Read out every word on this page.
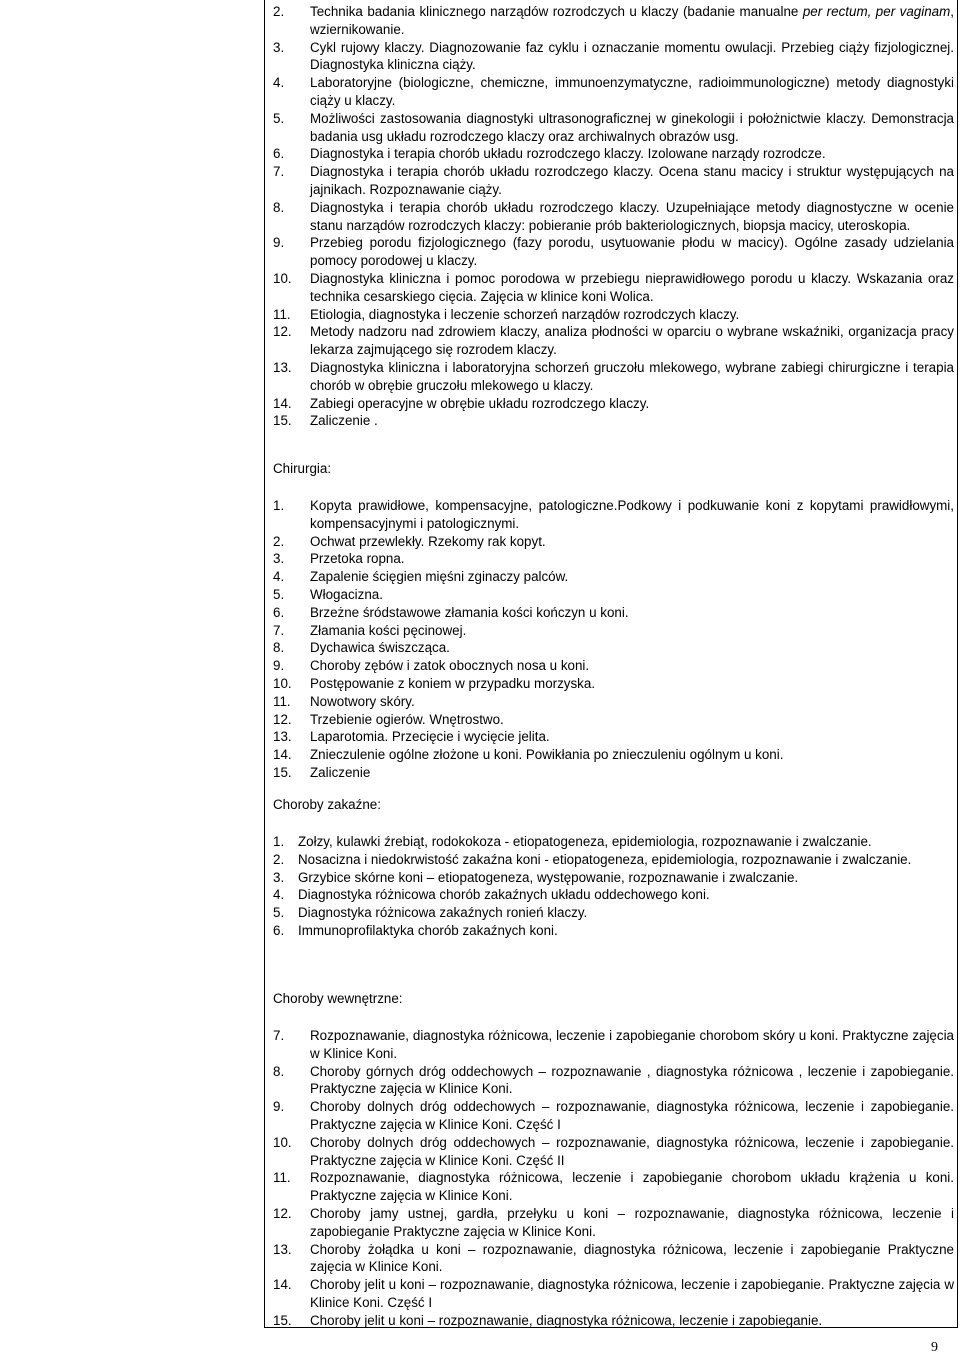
2. Technika badania klinicznego narządów rozrodczych u klaczy (badanie manualne per rectum, per vaginam, wziernikowanie.
3. Cykl rujowy klaczy. Diagnozowanie faz cyklu i oznaczanie momentu owulacji. Przebieg ciąży fizjologicznej. Diagnostyka kliniczna ciąży.
4. Laboratoryjne (biologiczne, chemiczne, immunoenzymatyczne, radioimmunologiczne) metody diagnostyki ciąży u klaczy.
5. Możliwości zastosowania diagnostyki ultrasonograficznej w ginekologii i położnictwie klaczy. Demonstracja badania usg układu rozrodczego klaczy oraz archiwalnych obrazów usg.
6. Diagnostyka i terapia chorób układu rozrodczego klaczy. Izolowane narządy rozrodcze.
7. Diagnostyka i terapia chorób układu rozrodczego klaczy. Ocena stanu macicy i struktur występujących na jajnikach. Rozpoznawanie ciąży.
8. Diagnostyka i terapia chorób układu rozrodczego klaczy. Uzupełniające metody diagnostyczne w ocenie stanu narządów rozrodczych klaczy: pobieranie prób bakteriologicznych, biopsja macicy, uteroskopia.
9. Przebieg porodu fizjologicznego (fazy porodu, usytuowanie płodu w macicy). Ogólne zasady udzielania pomocy porodowej u klaczy.
10. Diagnostyka kliniczna i pomoc porodowa w przebiegu nieprawidłowego porodu u klaczy. Wskazania oraz technika cesarskiego cięcia. Zajęcia w klinice koni Wolica.
11. Etiologia, diagnostyka i leczenie schorzeń narządów rozrodczych klaczy.
12. Metody nadzoru nad zdrowiem klaczy, analiza płodności w oparciu o wybrane wskaźniki, organizacja pracy lekarza zajmującego się rozrodem klaczy.
13. Diagnostyka kliniczna i laboratoryjna schorzeń gruczołu mlekowego, wybrane zabiegi chirurgiczne i terapia chorób w obrębie gruczołu mlekowego u klaczy.
14. Zabiegi operacyjne w obrębie układu rozrodczego klaczy.
15. Zaliczenie .
Chirurgia:
1. Kopyta prawidłowe, kompensacyjne, patologiczne.Podkowy i podkuwanie koni z kopytami prawidłowymi, kompensacyjnymi i patologicznymi.
2. Ochwat przewlekły. Rzekomy rak kopyt.
3. Przetoka ropna.
4. Zapalenie ścięgien mięśni zginaczy palców.
5. Włogacizna.
6. Brzeżne śródstawowe złamania kości kończyn u koni.
7. Złamania kości pęcinowej.
8. Dychawica świszcząca.
9. Choroby zębów i zatok obocznych nosa u koni.
10. Postępowanie z koniem w przypadku morzyska.
11. Nowotwory skóry.
12. Trzebienie ogierów. Wnętrostwo.
13. Laparotomia. Przecięcie i wycięcie jelita.
14. Znieczulenie ogólne złożone u koni. Powikłania po znieczuleniu ogólnym u koni.
15. Zaliczenie
Choroby zakaźne:
1. Zołzy, kulawki źrebiąt, rodokokoza - etiopatogeneza, epidemiologia, rozpoznawanie i zwalczanie.
2. Nosacizna i niedokrwistość zakaźna koni - etiopatogeneza, epidemiologia, rozpoznawanie i zwalczanie.
3. Grzybice skórne koni – etiopatogeneza, występowanie, rozpoznawanie i zwalczanie.
4. Diagnostyka różnicowa chorób zakaźnych układu oddechowego koni.
5. Diagnostyka różnicowa zakaźnych ronień klaczy.
6. Immunoprofilaktyka chorób zakaźnych koni.
Choroby wewnętrzne:
7. Rozpoznawanie, diagnostyka różnicowa, leczenie i zapobieganie chorobom skóry u koni. Praktyczne zajęcia w Klinice Koni.
8. Choroby górnych dróg oddechowych – rozpoznawanie , diagnostyka różnicowa , leczenie i zapobieganie. Praktyczne zajęcia w Klinice Koni.
9. Choroby dolnych dróg oddechowych – rozpoznawanie, diagnostyka różnicowa, leczenie i zapobieganie. Praktyczne zajęcia w Klinice Koni. Część I
10. Choroby dolnych dróg oddechowych – rozpoznawanie, diagnostyka różnicowa, leczenie i zapobieganie. Praktyczne zajęcia w Klinice Koni. Część II
11. Rozpoznawanie, diagnostyka różnicowa, leczenie i zapobieganie chorobom układu krążenia u koni. Praktyczne zajęcia w Klinice Koni.
12. Choroby jamy ustnej, gardła, przełyku u koni – rozpoznawanie, diagnostyka różnicowa, leczenie i zapobieganie Praktyczne zajęcia w Klinice Koni.
13. Choroby żołądka u koni – rozpoznawanie, diagnostyka różnicowa, leczenie i zapobieganie Praktyczne zajęcia w Klinice Koni.
14. Choroby jelit u koni – rozpoznawanie, diagnostyka różnicowa, leczenie i zapobieganie. Praktyczne zajęcia w Klinice Koni. Część I
15. Choroby jelit u koni – rozpoznawanie, diagnostyka różnicowa, leczenie i zapobieganie.
9
